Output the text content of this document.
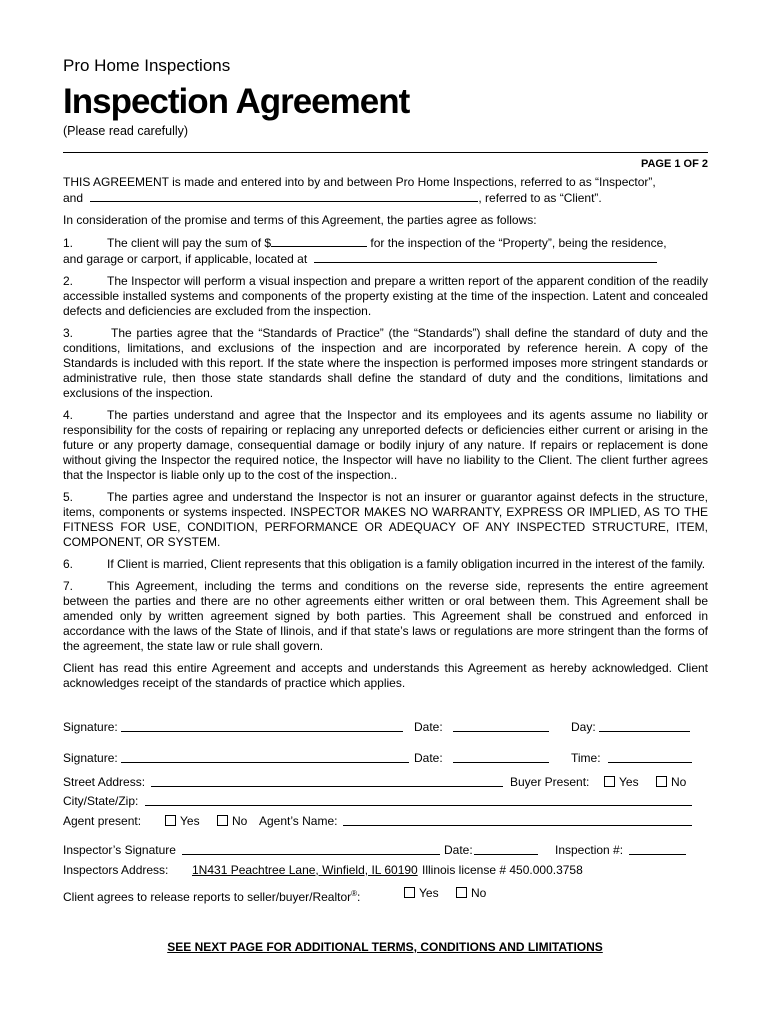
Pro Home Inspections
Inspection Agreement
(Please read carefully)
PAGE 1 OF 2
THIS AGREEMENT is made and entered into by and between Pro Home Inspections, referred to as “Inspector”,
and	, referred to as “Client”.
In consideration of the promise and terms of this Agreement, the parties agree as follows:
1.	The client will pay the sum of $	for the inspection of the “Property”, being the residence,
and garage or carport, if applicable, located at
2.	The Inspector will perform a visual inspection and prepare a written report of the apparent condition of the readily accessible installed systems and components of the property existing at the time of the inspection. Latent and concealed defects and deficiencies are excluded from the inspection.
3.	The parties agree that the “Standards of Practice” (the “Standards”) shall define the standard of duty and the conditions, limitations, and exclusions of the inspection and are incorporated by reference herein. A copy of the Standards is included with this report. If the state where the inspection is performed imposes more stringent standards or administrative rule, then those state standards shall define the standard of duty and the conditions, limitations and exclusions of the inspection.
4.	The parties understand and agree that the Inspector and its employees and its agents assume no liability or responsibility for the costs of repairing or replacing any unreported defects or deficiencies either current or arising in the future or any property damage, consequential damage or bodily injury of any nature. If repairs or replacement is done without giving the Inspector the required notice, the Inspector will have no liability to the Client. The client further agrees that the Inspector is liable only up to the cost of the inspection..
5.	The parties agree and understand the Inspector is not an insurer or guarantor against defects in the structure, items, components or systems inspected. INSPECTOR MAKES NO WARRANTY, EXPRESS OR IMPLIED, AS TO THE FITNESS FOR USE, CONDITION, PERFORMANCE OR ADEQUACY OF ANY INSPECTED STRUCTURE, ITEM, COMPONENT, OR SYSTEM.
6.	If Client is married, Client represents that this obligation is a family obligation incurred in the interest of the family.
7.	This Agreement, including the terms and conditions on the reverse side, represents the entire agreement between the parties and there are no other agreements either written or oral between them. This Agreement shall be amended only by written agreement signed by both parties. This Agreement shall be construed and enforced in accordance with the laws of the State of Ilinois, and if that state’s laws or regulations are more stringent than the forms of the agreement, the state law or rule shall govern.
Client has read this entire Agreement and accepts and understands this Agreement as hereby acknowledged. Client acknowledges receipt of the standards of practice which applies.
Signature:	Date:	Day:
Signature:	Date:	Time:
Street Address:	Buyer Present:	Yes	No
City/State/Zip:
Agent present:	Yes	No Agent’s Name:
Inspector’s Signature	Date:	Inspection #:
Inspectors Address: 1N431 Peachtree Lane, Winfield, IL 60190 Illinois license # 450.000.3758
Client agrees to release reports to seller/buyer/Realtor®:	Yes	No
SEE NEXT PAGE FOR ADDITIONAL TERMS, CONDITIONS AND LIMITATIONS
